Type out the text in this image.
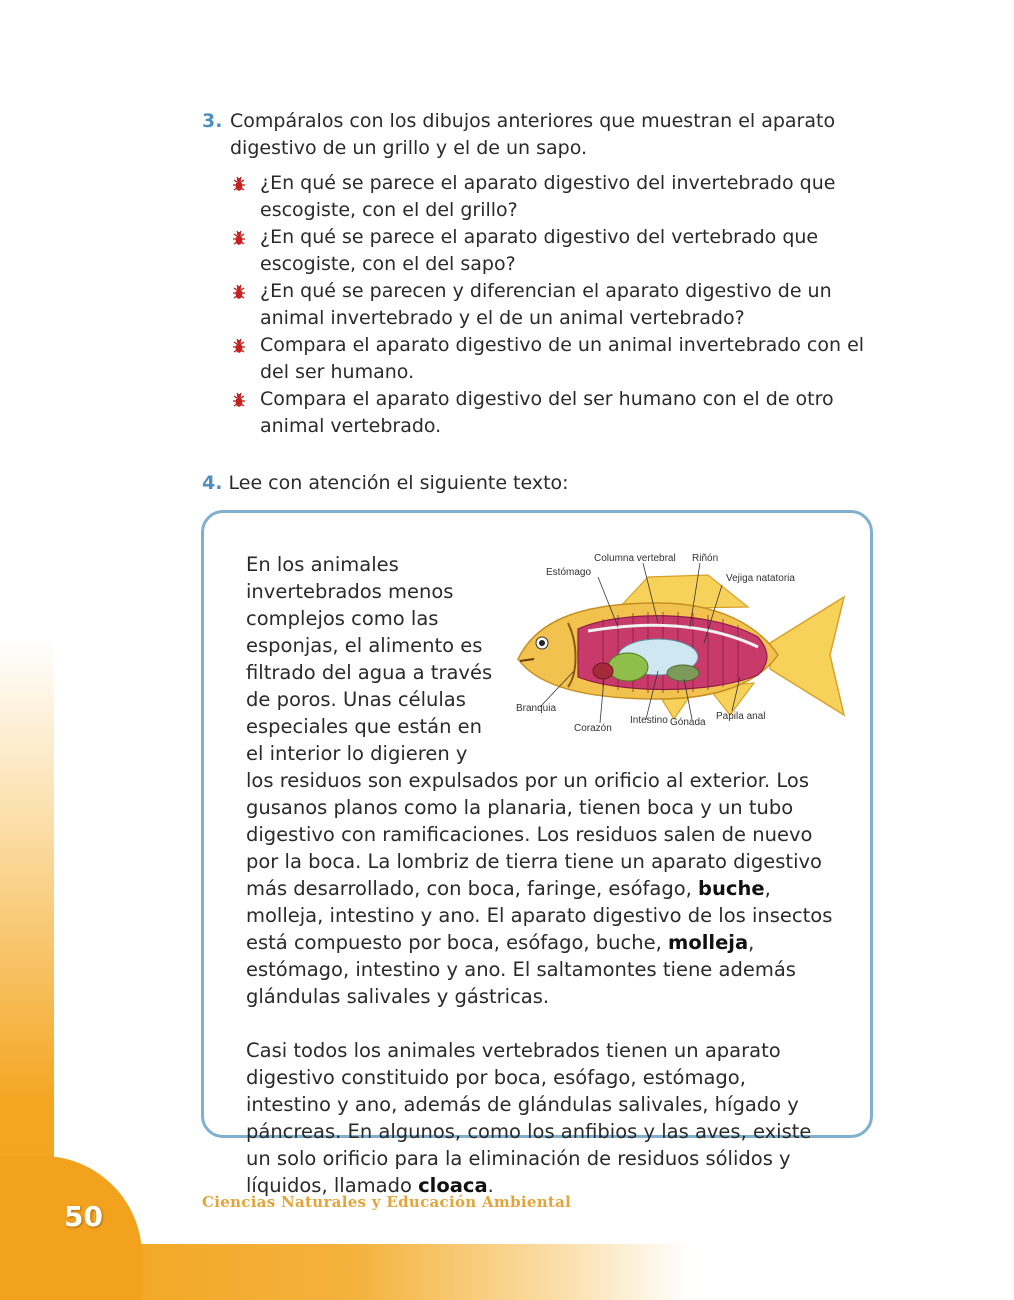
50	Ciencias Naturales y Educación Ambiental
3. Compáralos con los dibujos anteriores que muestran el aparato digestivo de un grillo y el de un sapo.
¿En qué se parece el aparato digestivo del invertebrado que escogiste, con el del grillo?
¿En qué se parece el aparato digestivo del vertebrado que escogiste, con el del sapo?
¿En qué se parecen y diferencian el aparato digestivo de un animal invertebrado y el de un animal vertebrado?
Compara el aparato digestivo de un animal invertebrado con el del ser humano.
Compara el aparato digestivo del ser humano con el de otro animal vertebrado.
4. Lee con atención el siguiente texto:
Estómago
Columna vertebral Riñón
Vejiga natatoria
Branquia
Corazón
Intestino Gónada
Papila anal

En los animales invertebrados menos complejos como las esponjas, el alimento es filtrado del agua a través de poros. Unas células especiales que están en el interior lo digieren y los residuos son expulsados por un orificio al exterior. Los gusanos planos como la planaria, tienen boca y un tubo digestivo con ramificaciones. Los residuos salen de nuevo por la boca. La lombriz de tierra tiene un aparato digestivo más desarrollado, con boca, faringe, esófago, buche, molleja, intestino y ano. El aparato digestivo de los insectos está compuesto por boca, esófago, buche, molleja, estómago, intestino y ano. El saltamontes tiene además glándulas salivales y gástricas.

Casi todos los animales vertebrados tienen un aparato digestivo constituido por boca, esófago, estómago, intestino y ano, además de glándulas salivales, hígado y páncreas. En algunos, como los anfibios y las aves, existe un solo orificio para la eliminación de residuos sólidos y líquidos, llamado cloaca.
